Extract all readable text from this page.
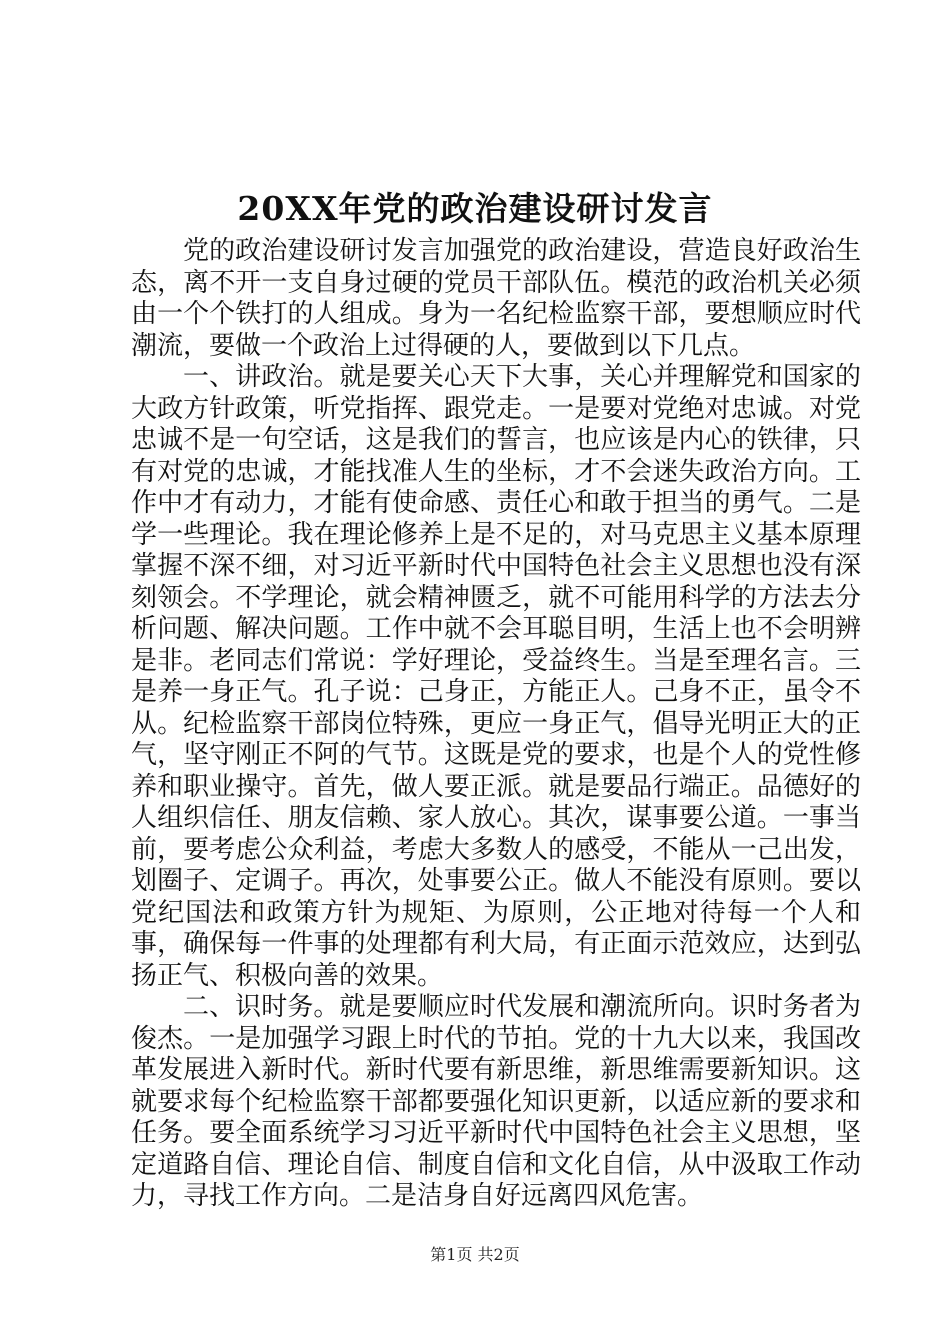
20XX年党的政治建设研讨发言

党的政治建设研讨发言加强党的政治建设，营造良好政治生态，离不开一支自身过硬的党员干部队伍。模范的政治机关必须由一个个铁打的人组成。身为一名纪检监察干部，要想顺应时代潮流，要做一个政治上过得硬的人，要做到以下几点。

一、讲政治。就是要关心天下大事，关心并理解党和国家的大政方针政策，听党指挥、跟党走。一是要对党绝对忠诚。对党忠诚不是一句空话，这是我们的誓言，也应该是内心的铁律，只有对党的忠诚，才能找准人生的坐标，才不会迷失政治方向。工作中才有动力，才能有使命感、责任心和敢于担当的勇气。二是学一些理论。我在理论修养上是不足的，对马克思主义基本原理掌握不深不细，对习近平新时代中国特色社会主义思想也没有深刻领会。不学理论，就会精神匮乏，就不可能用科学的方法去分析问题、解决问题。工作中就不会耳聪目明，生活上也不会明辨是非。老同志们常说：学好理论，受益终生。当是至理名言。三是养一身正气。孔子说：己身正，方能正人。己身不正，虽令不从。纪检监察干部岗位特殊，更应一身正气，倡导光明正大的正气，坚守刚正不阿的气节。这既是党的要求，也是个人的党性修养和职业操守。首先，做人要正派。就是要品行端正。品德好的人组织信任、朋友信赖、家人放心。其次，谋事要公道。一事当前，要考虑公众利益，考虑大多数人的感受，不能从一己出发，划圈子、定调子。再次，处事要公正。做人不能没有原则。要以党纪国法和政策方针为规矩、为原则，公正地对待每一个人和事，确保每一件事的处理都有利大局，有正面示范效应，达到弘扬正气、积极向善的效果。

二、识时务。就是要顺应时代发展和潮流所向。识时务者为俊杰。一是加强学习跟上时代的节拍。党的十九大以来，我国改革发展进入新时代。新时代要有新思维，新思维需要新知识。这就要求每个纪检监察干部都要强化知识更新，以适应新的要求和任务。要全面系统学习习近平新时代中国特色社会主义思想，坚定道路自信、理论自信、制度自信和文化自信，从中汲取工作动力，寻找工作方向。二是洁身自好远离四风危害。

第1页 共2页
